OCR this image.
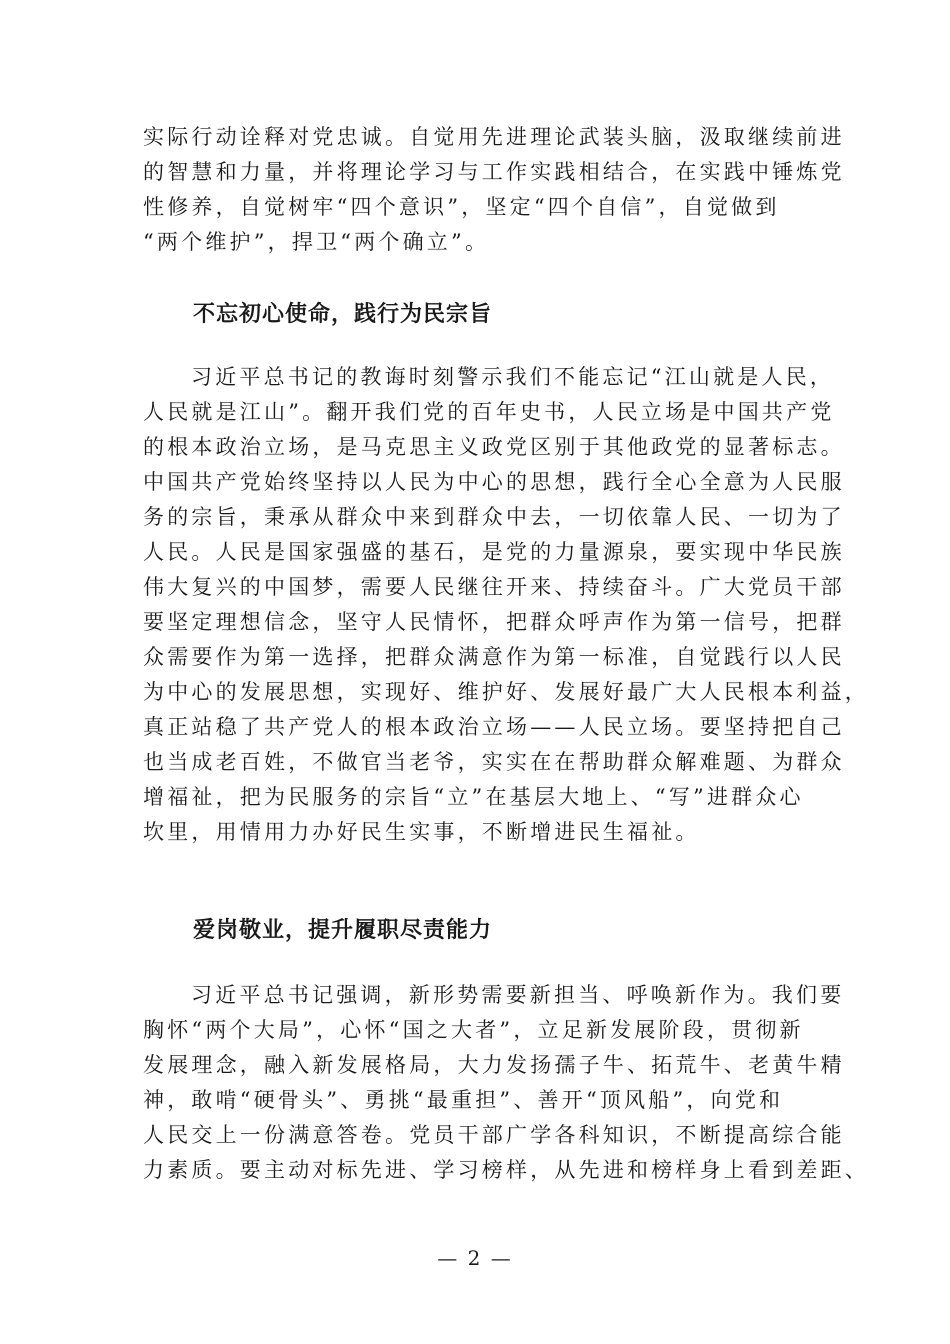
实际行动诠释对党忠诚。自觉用先进理论武装头脑，汲取继续前进
的智慧和力量，并将理论学习与工作实践相结合，在实践中锤炼党
性修养，自觉树牢“四个意识”，坚定“四个自信”，自觉做到
“两个维护”，捍卫“两个确立”。
不忘初心使命，践行为民宗旨
习近平总书记的教诲时刻警示我们不能忘记“江山就是人民，
人民就是江山”。翻开我们党的百年史书，人民立场是中国共产党
的根本政治立场，是马克思主义政党区别于其他政党的显著标志。
中国共产党始终坚持以人民为中心的思想，践行全心全意为人民服
务的宗旨，秉承从群众中来到群众中去，一切依靠人民、一切为了
人民。人民是国家强盛的基石，是党的力量源泉，要实现中华民族
伟大复兴的中国梦，需要人民继往开来、持续奋斗。广大党员干部
要坚定理想信念，坚守人民情怀，把群众呼声作为第一信号，把群
众需要作为第一选择，把群众满意作为第一标准，自觉践行以人民
为中心的发展思想，实现好、维护好、发展好最广大人民根本利益，
真正站稳了共产党人的根本政治立场——人民立场。要坚持把自己
也当成老百姓，不做官当老爷，实实在在帮助群众解难题、为群众
增福祉，把为民服务的宗旨“立”在基层大地上、“写”进群众心
坎里，用情用力办好民生实事，不断增进民生福祉。
爱岗敬业，提升履职尽责能力
习近平总书记强调，新形势需要新担当、呼唤新作为。我们要
胸怀“两个大局”，心怀“国之大者”，立足新发展阶段，贯彻新
发展理念，融入新发展格局，大力发扬孺子牛、拓荒牛、老黄牛精
神，敢啃“硬骨头”、勇挑“最重担”、善开“顶风船”，向党和
人民交上一份满意答卷。党员干部广学各科知识，不断提高综合能
力素质。要主动对标先进、学习榜样，从先进和榜样身上看到差距、
— 2 —
